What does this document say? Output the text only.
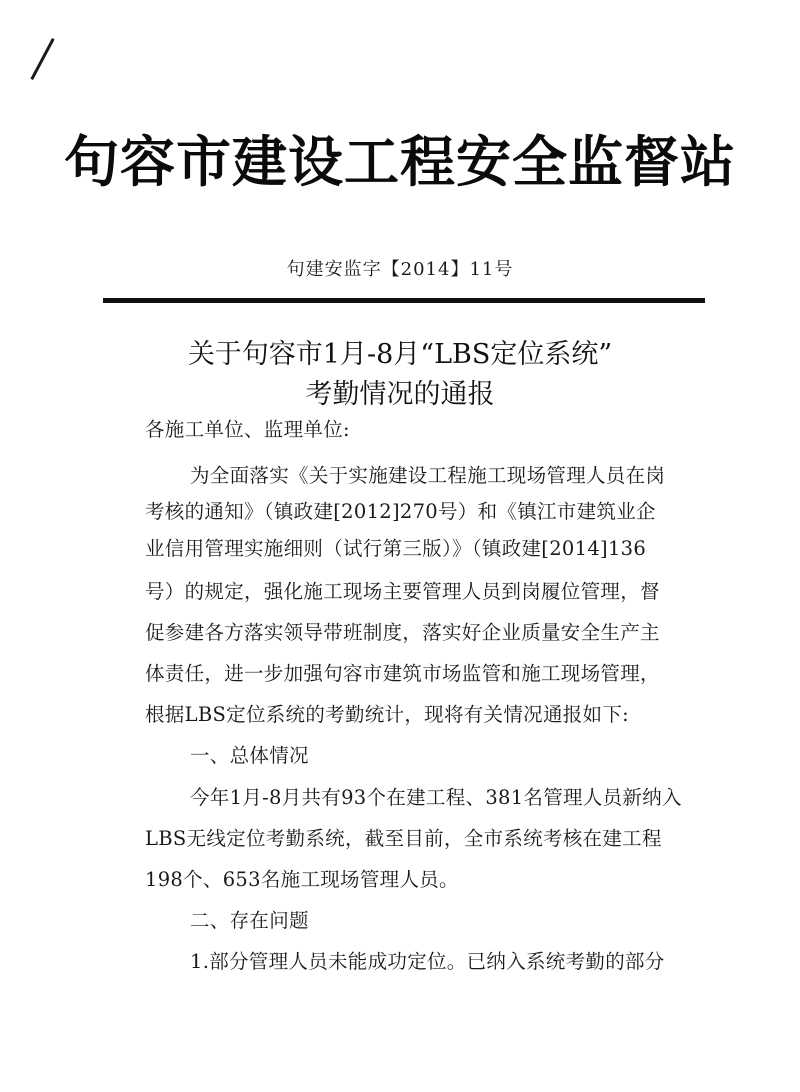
句容市建设工程安全监督站
句建安监字【2014】11号
关于句容市1月-8月“LBS定位系统”
考勤情况的通报
各施工单位、监理单位:
为全面落实《关于实施建设工程施工现场管理人员在岗
考核的通知》（镇政建[2012]270号）和《镇江市建筑业企
业信用管理实施细则（试行第三版）》（镇政建[2014]136
号）的规定，强化施工现场主要管理人员到岗履位管理，督
促参建各方落实领导带班制度，落实好企业质量安全生产主
体责任，进一步加强句容市建筑市场监管和施工现场管理，
根据LBS定位系统的考勤统计，现将有关情况通报如下:
一、总体情况
今年1月-8月共有93个在建工程、381名管理人员新纳入
LBS无线定位考勤系统，截至目前，全市系统考核在建工程
198个、653名施工现场管理人员。
二、存在问题
1.部分管理人员未能成功定位。已纳入系统考勤的部分
